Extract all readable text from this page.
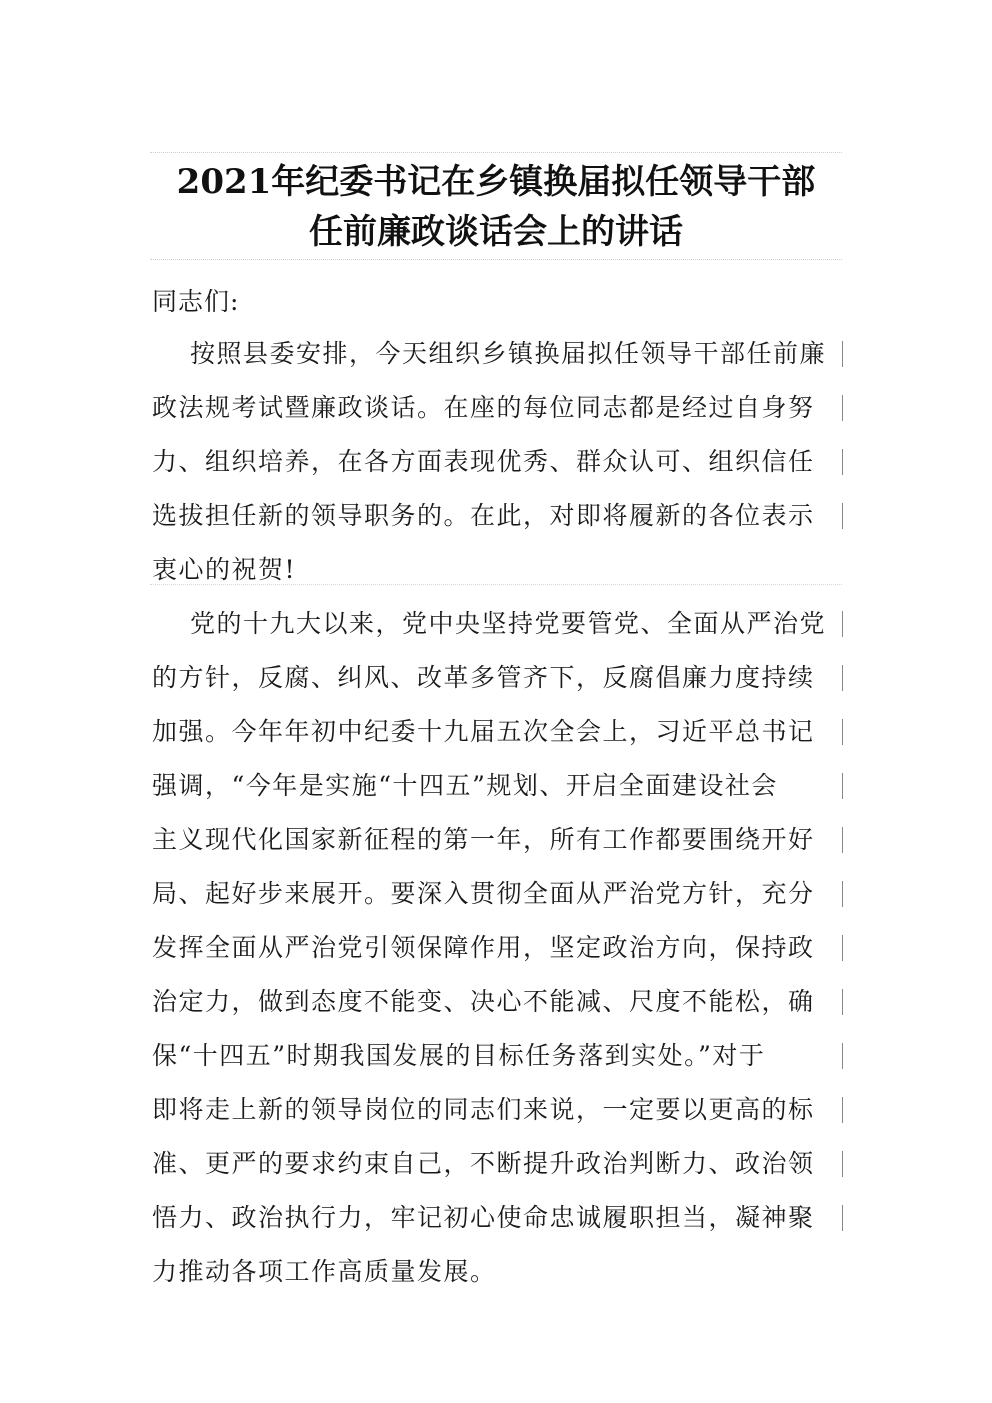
2021年纪委书记在乡镇换届拟任领导干部
任前廉政谈话会上的讲话
同志们:
按照县委安排，今天组织乡镇换届拟任领导干部任前廉
政法规考试暨廉政谈话。在座的每位同志都是经过自身努
力、组织培养，在各方面表现优秀、群众认可、组织信任
选拔担任新的领导职务的。在此，对即将履新的各位表示
衷心的祝贺!
党的十九大以来，党中央坚持党要管党、全面从严治党
的方针，反腐、纠风、改革多管齐下，反腐倡廉力度持续
加强。今年年初中纪委十九届五次全会上，习近平总书记
强调，“今年是实施“十四五”规划、开启全面建设社会
主义现代化国家新征程的第一年，所有工作都要围绕开好
局、起好步来展开。要深入贯彻全面从严治党方针，充分
发挥全面从严治党引领保障作用，坚定政治方向，保持政
治定力，做到态度不能变、决心不能减、尺度不能松，确
保“十四五”时期我国发展的目标任务落到实处。”对于
即将走上新的领导岗位的同志们来说，一定要以更高的标
准、更严的要求约束自己，不断提升政治判断力、政治领
悟力、政治执行力，牢记初心使命忠诚履职担当，凝神聚
力推动各项工作高质量发展。
